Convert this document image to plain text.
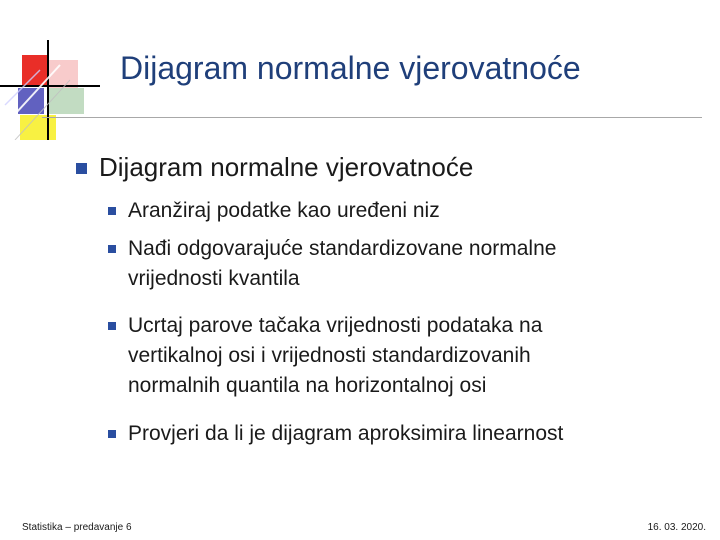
Dijagram normalne vjerovatnoće
Dijagram normalne vjerovatnoće
Aranžiraj podatke kao uređeni niz
Nađi odgovarajuće standardizovane normalne
vrijednosti kvantila
Ucrtaj parove tačaka vrijednosti podataka na
vertikalnoj osi i vrijednosti standardizovanih
normalnih quantila na horizontalnoj osi
Provjeri da li je dijagram aproksimira linearnost
Statistika – predavanje 6	16. 03. 2020.
